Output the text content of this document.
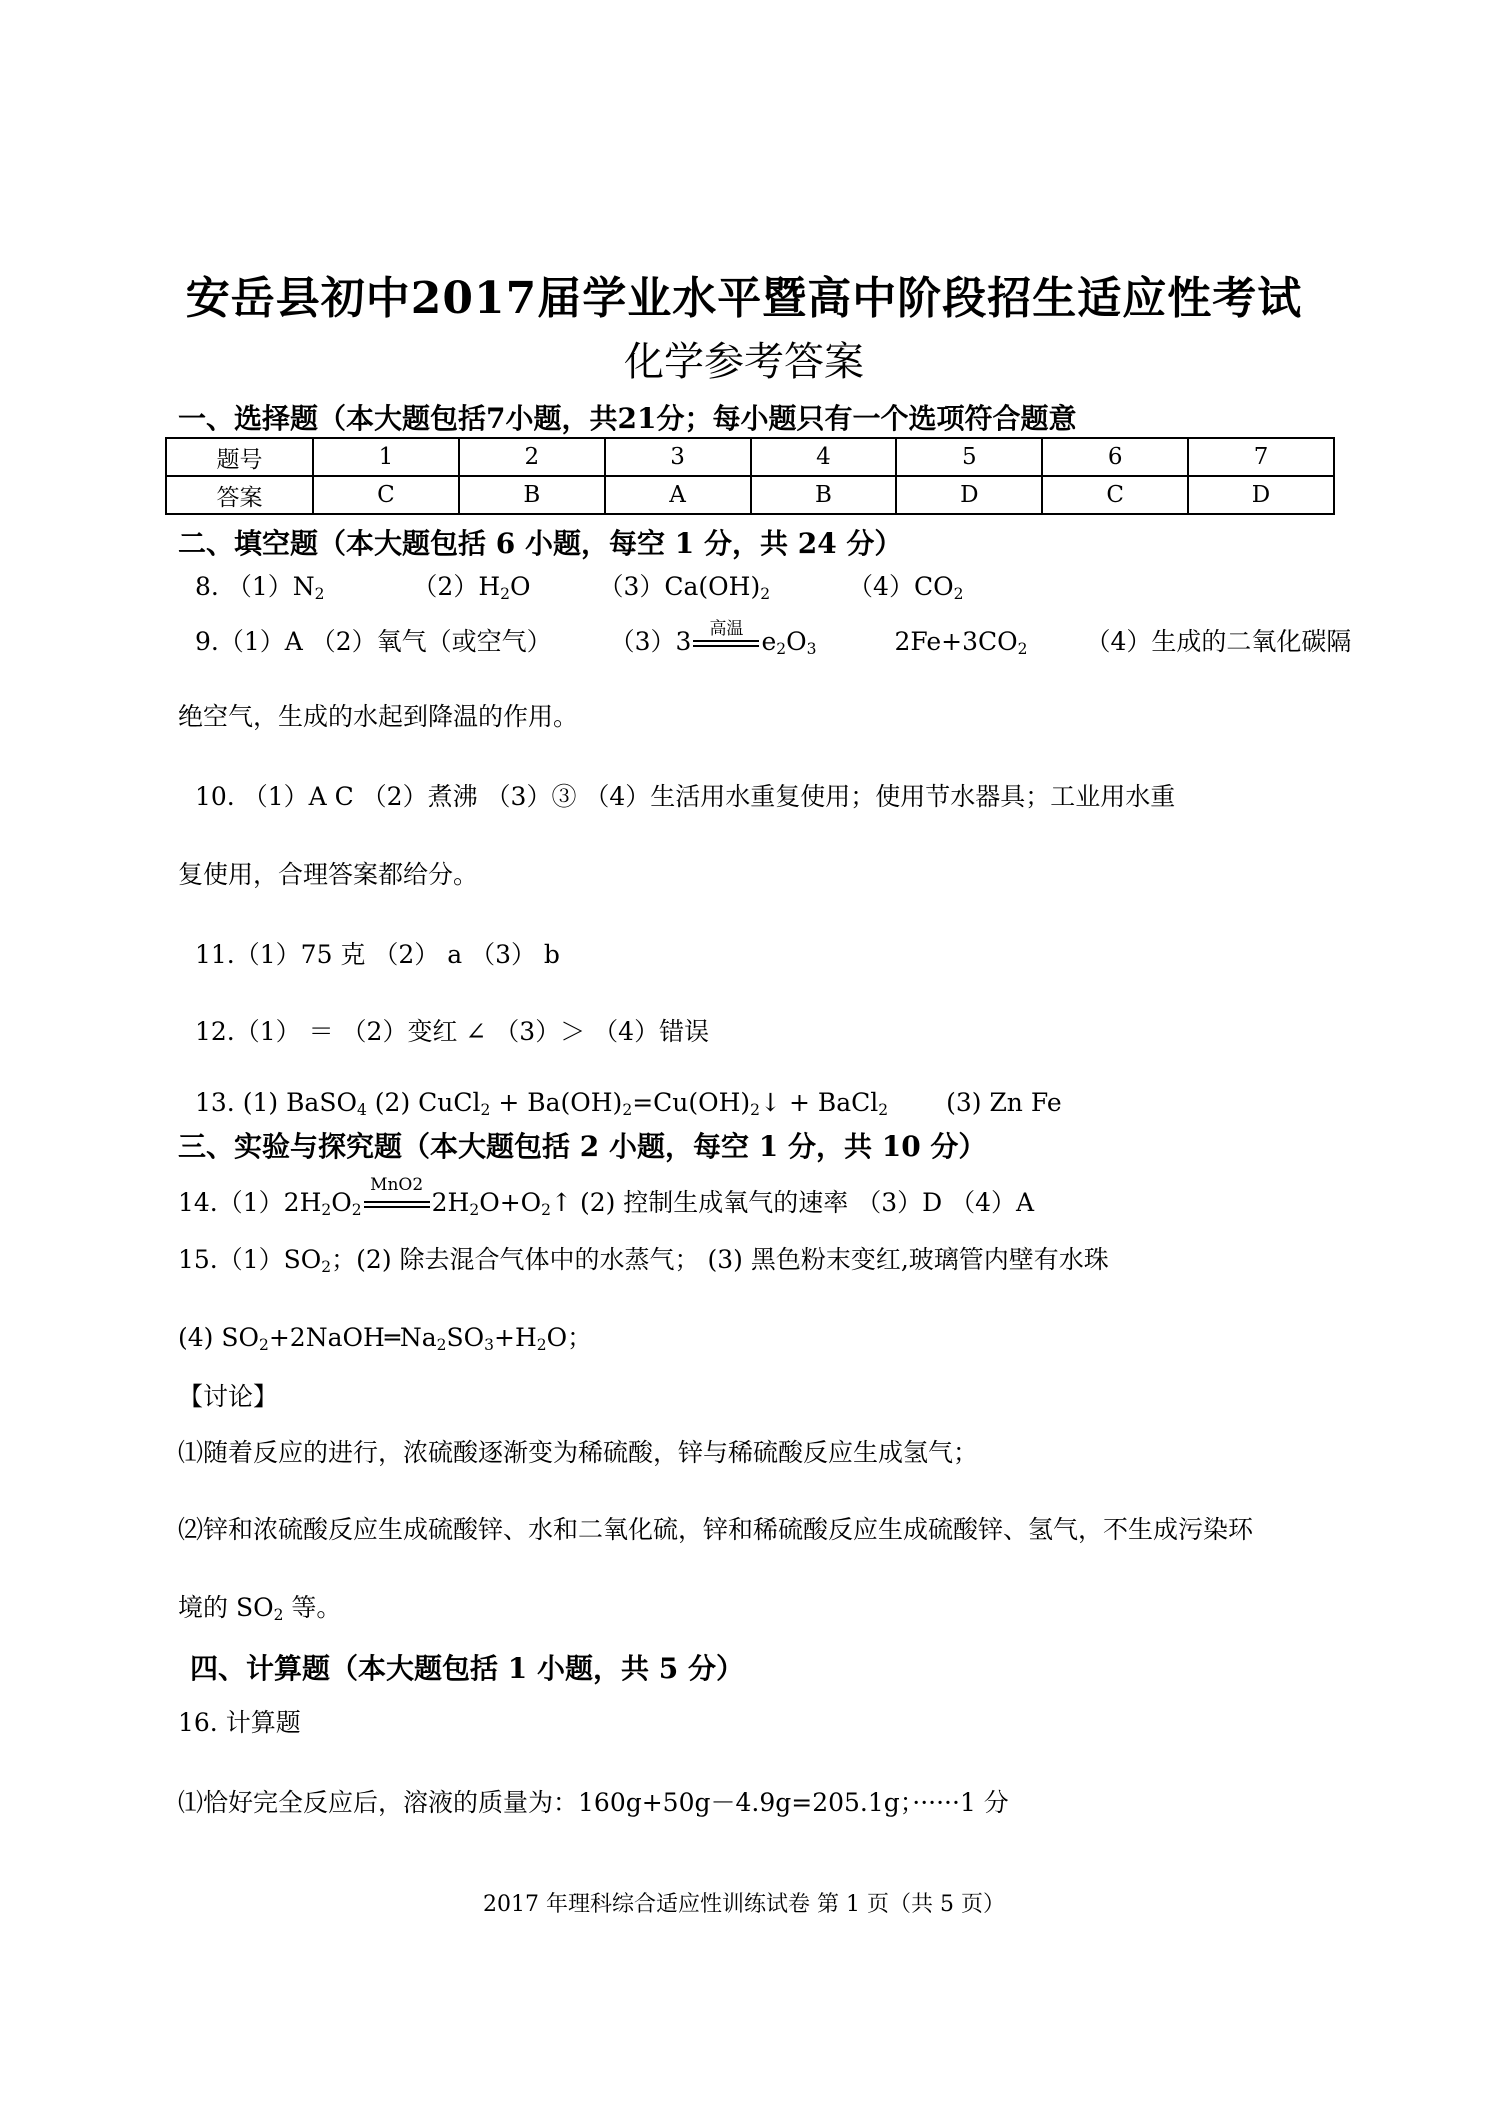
安岳县初中2017届学业水平暨高中阶段招生适应性考试
化学参考答案
一、选择题（本大题包括7小题，共21分；每小题只有一个选项符合题意
题号	1	2	3	4	5	6	7
答案	C	B	A	B	D	C	D
二、填空题（本大题包括 6 小题，每空 1 分，共 24 分）
8. $(1)N_2$	$(2)H_2O$	$(3)Ca(OH)_2$	$(4)CO_2$
9.（1）A （2）氧气（或空气） （3）3	高温 $e_2O_3$	$2Fe+3CO_2$ （4）生成的二氧化碳隔
绝空气，生成的水起到降温的作用。
10. （1）A C （2）煮沸 （3）③ （4）生活用水重复使用；使用节水器具；工业用水重
复使用，合理答案都给分。
11.（1）75 克 （2） a （3） b
12.（1） ＝ （2）变红 ∠ （3）＞ （4）错误
13. (1) BaSO$_4$ (2) CuCl$_2$ + $Ba(OH)_2=Cu(OH)_2↓$ + BaCl$_2$ (3) Zn Fe
三、实验与探究题（本大题包括 2 小题，每空 1 分，共 10 分）
$14.(1)2H_2O_2$
MnO2
$2H_2O+O_2↑$ (2) 控制生成氧气的速率 （3）D （4）A
$15.(1)SO_2$；(2) 除去混合气体中的水蒸气； (3) 黑色粉末变红,玻璃管内壁有水珠
(4) $SO_2+2NaOH═Na_2SO_3+H_2O$；
【讨论】
⑴随着反应的进行，浓硫酸逐渐变为稀硫酸，锌与稀硫酸反应生成氢气；
⑵锌和浓硫酸反应生成硫酸锌、水和二氧化硫，锌和稀硫酸反应生成硫酸锌、氢气，不生成污染环
境的 $SO_2$ 等。
四、计算题（本大题包括 1 小题，共 5 分）
16. 计算题
⑴恰好完全反应后，溶液的质量为：160g+50g－4.9g=205.1g；······1 分
2017 年理科综合适应性训练试卷 第 1 页（共 5 页）
